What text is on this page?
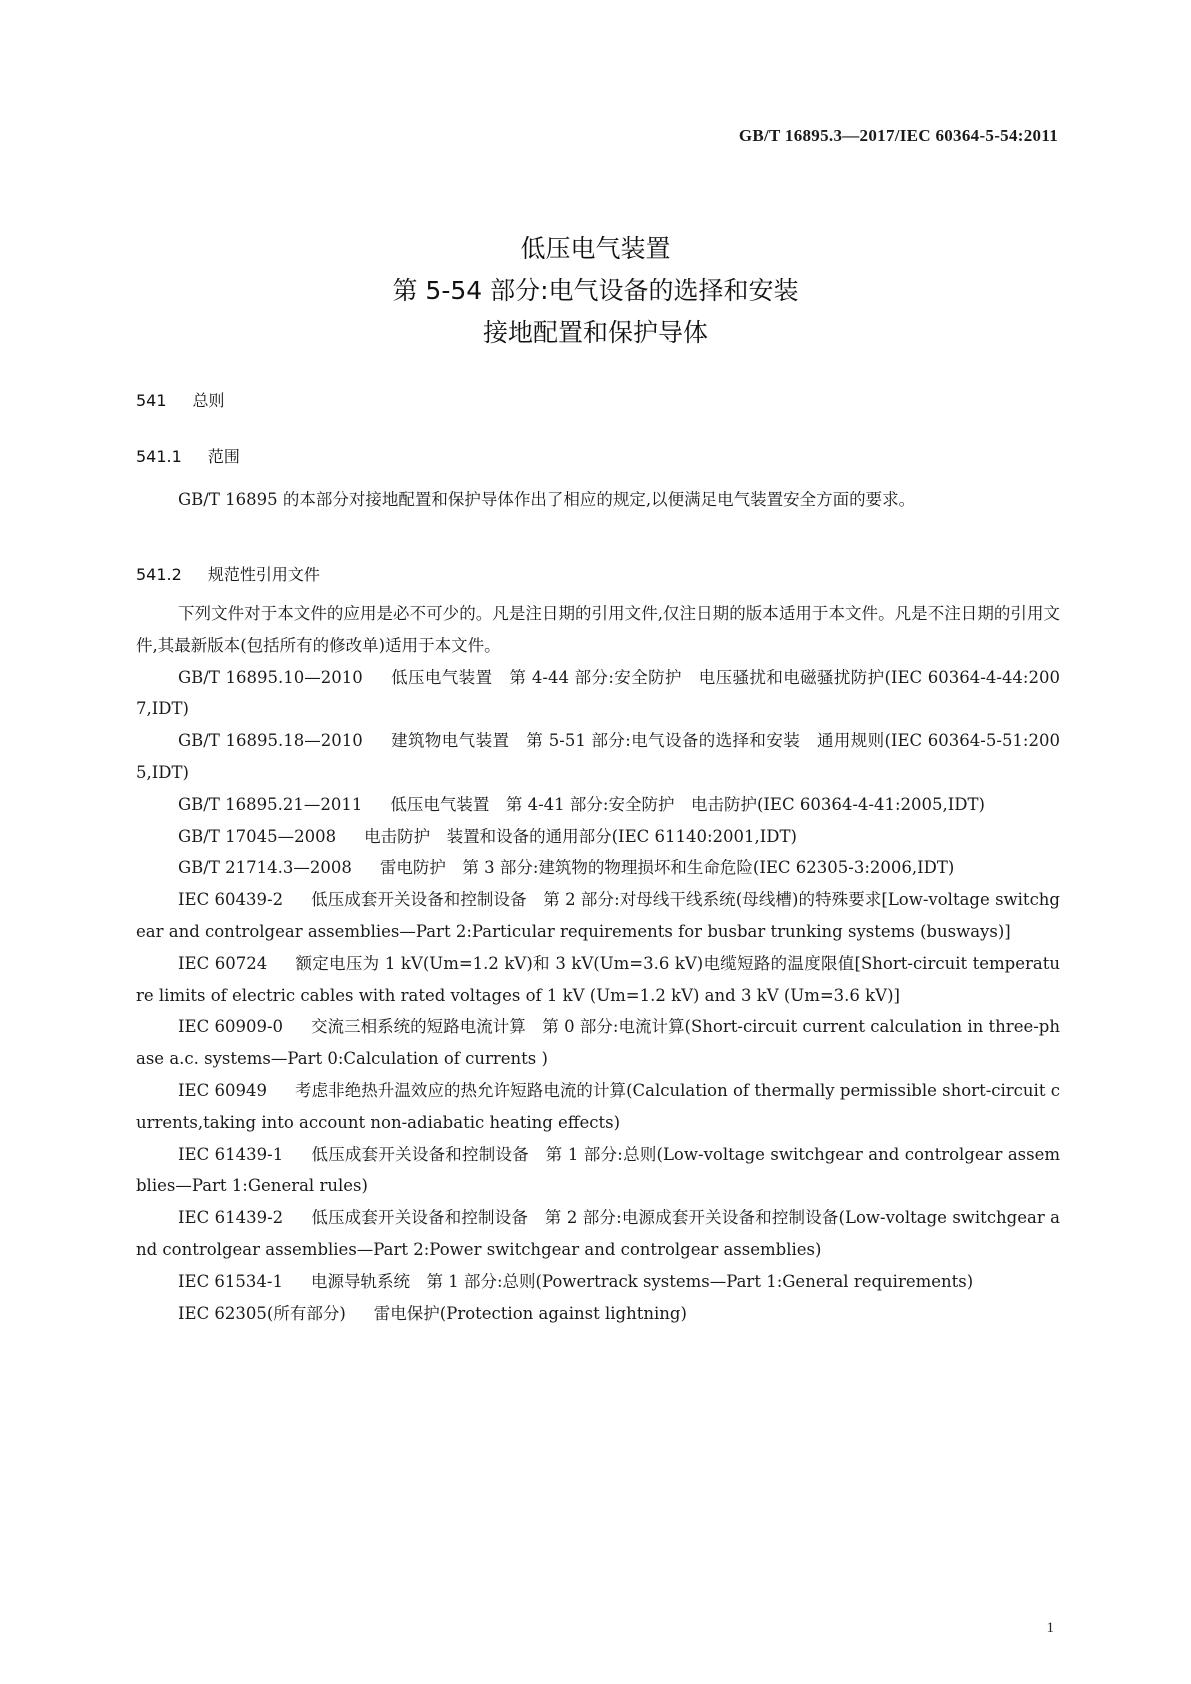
GB/T 16895.3—2017/IEC 60364-5-54:2011
低压电气装置
第 5-54 部分:电气设备的选择和安装
接地配置和保护导体
541 总则
541.1 范围

GB/T 16895 的本部分对接地配置和保护导体作出了相应的规定,以便满足电气装置安全方面的要求。

541.2 规范性引用文件

下列文件对于本文件的应用是必不可少的。凡是注日期的引用文件,仅注日期的版本适用于本文件。凡是不注日期的引用文件,其最新版本(包括所有的修改单)适用于本文件。

GB/T 16895.10—2010 低压电气装置　第 4-44 部分:安全防护　电压骚扰和电磁骚扰防护(IEC 60364-4-44:2007,IDT)

GB/T 16895.18—2010 建筑物电气装置　第 5-51 部分:电气设备的选择和安装　通用规则(IEC 60364-5-51:2005,IDT)

GB/T 16895.21—2011 低压电气装置　第 4-41 部分:安全防护　电击防护(IEC 60364-4-41:2005,IDT)

GB/T 17045—2008 电击防护　装置和设备的通用部分(IEC 61140:2001,IDT)

GB/T 21714.3—2008 雷电防护　第 3 部分:建筑物的物理损坏和生命危险(IEC 62305-3:2006,IDT)

IEC 60439-2 低压成套开关设备和控制设备　第 2 部分:对母线干线系统(母线槽)的特殊要求[Low-voltage switchgear and controlgear assemblies—Part 2:Particular requirements for busbar trunking systems (busways)]

IEC 60724 额定电压为 1 kV(Um=1.2 kV)和 3 kV(Um=3.6 kV)电缆短路的温度限值[Short-circuit temperature limits of electric cables with rated voltages of 1 kV (Um=1.2 kV) and 3 kV (Um=3.6 kV)]

IEC 60909-0 交流三相系统的短路电流计算　第 0 部分:电流计算(Short-circuit current calculation in three-phase a.c. systems—Part 0:Calculation of currents )

IEC 60949 考虑非绝热升温效应的热允许短路电流的计算(Calculation of thermally permissible short-circuit currents,taking into account non-adiabatic heating effects)

IEC 61439-1 低压成套开关设备和控制设备　第 1 部分:总则(Low-voltage switchgear and controlgear assemblies—Part 1:General rules)

IEC 61439-2 低压成套开关设备和控制设备　第 2 部分:电源成套开关设备和控制设备(Low-voltage switchgear and controlgear assemblies—Part 2:Power switchgear and controlgear assemblies)

IEC 61534-1 电源导轨系统　第 1 部分:总则(Powertrack systems—Part 1:General requirements)

IEC 62305(所有部分) 雷电保护(Protection against lightning)

1
